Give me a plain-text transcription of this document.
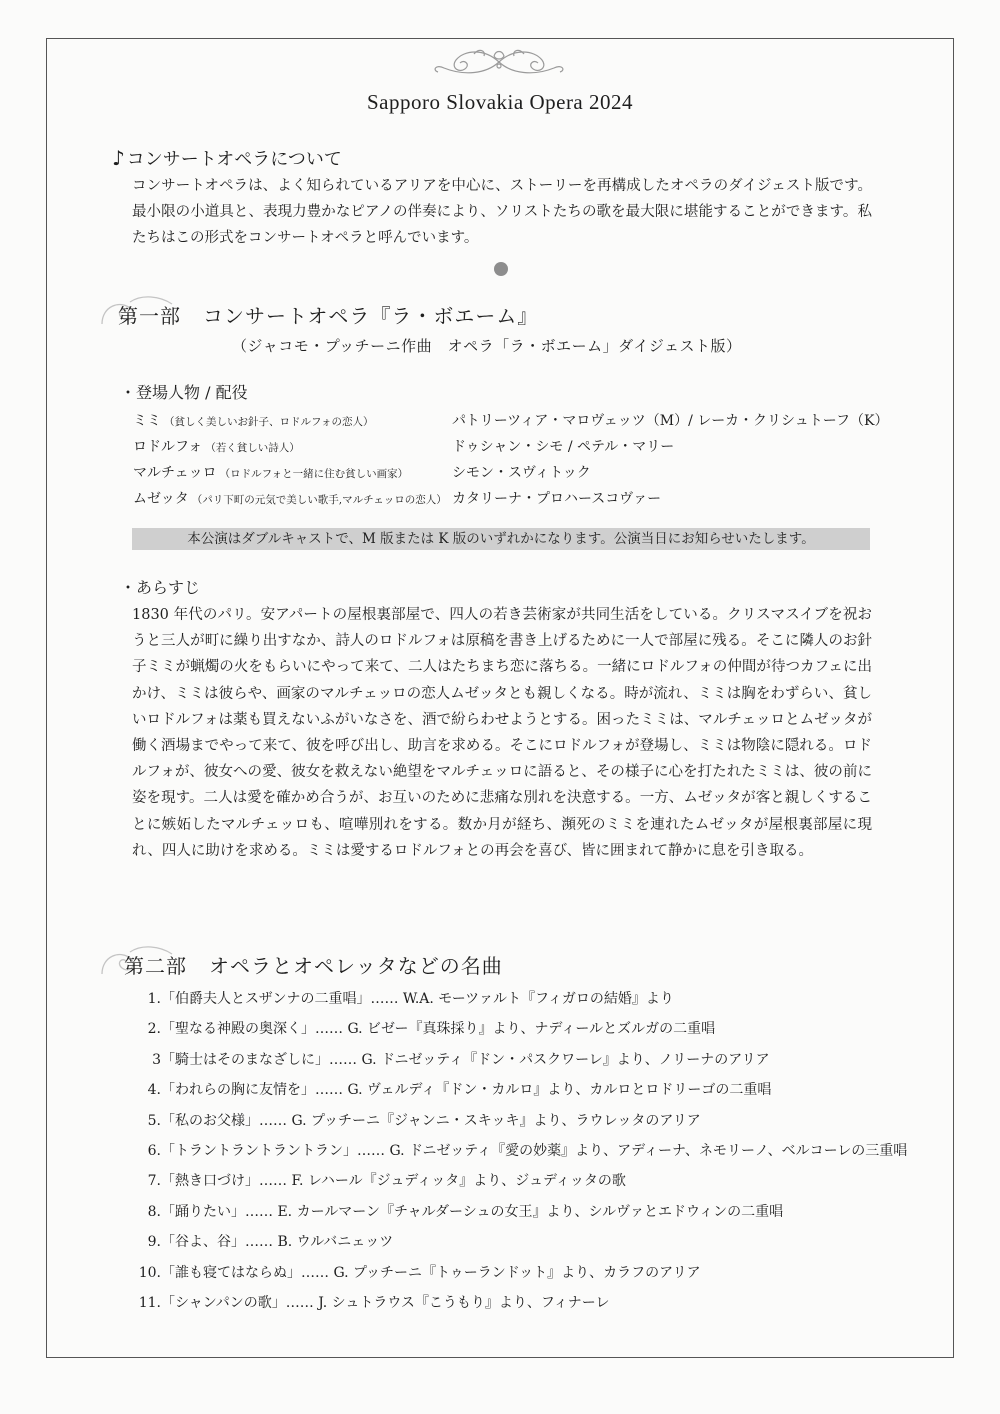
Sapporo Slovakia Opera 2024
♪ コンサートオペラについて
コンサートオペラは、よく知られているアリアを中心に、ストーリーを再構成したオペラのダイジェスト版です。最小限の小道具と、表現力豊かなピアノの伴奏により、ソリストたちの歌を最大限に堪能することができます。私たちはこの形式をコンサートオペラと呼んでいます。
第一部 コンサートオペラ『ラ・ボエーム』
（ジャコモ・プッチーニ作曲　オペラ「ラ・ボエーム」ダイジェスト版）
・登場人物 / 配役
ミミ （貧しく美しいお針子、ロドルフォの恋人）	パトリーツィア・マロヴェッツ（M）/ レーカ・クリシュトーフ（K）
ロドルフォ （若く貧しい詩人）	ドゥシャン・シモ / ペテル・マリー
マルチェッロ （ロドルフォと一緒に住む貧しい画家）	シモン・スヴィトック
ムゼッタ （パリ下町の元気で美しい歌手,マルチェッロの恋人） カタリーナ・プロハースコヴァー
本公演はダブルキャストで、M 版または K 版のいずれかになります。公演当日にお知らせいたします。
・あらすじ
1830 年代のパリ。安アパートの屋根裏部屋で、四人の若き芸術家が共同生活をしている。クリスマスイブを祝おうと三人が町に繰り出すなか、詩人のロドルフォは原稿を書き上げるために一人で部屋に残る。そこに隣人のお針子ミミが蝋燭の火をもらいにやって来て、二人はたちまち恋に落ちる。一緒にロドルフォの仲間が待つカフェに出かけ、ミミは彼らや、画家のマルチェッロの恋人ムゼッタとも親しくなる。時が流れ、ミミは胸をわずらい、貧しいロドルフォは薬も買えないふがいなさを、酒で紛らわせようとする。困ったミミは、マルチェッロとムゼッタが働く酒場までやって来て、彼を呼び出し、助言を求める。そこにロドルフォが登場し、ミミは物陰に隠れる。ロドルフォが、彼女への愛、彼女を救えない絶望をマルチェッロに語ると、その様子に心を打たれたミミは、彼の前に姿を現す。二人は愛を確かめ合うが、お互いのために悲痛な別れを決意する。一方、ムゼッタが客と親しくすることに嫉妬したマルチェッロも、喧嘩別れをする。数か月が経ち、瀕死のミミを連れたムゼッタが屋根裏部屋に現れ、四人に助けを求める。ミミは愛するロドルフォとの再会を喜び、皆に囲まれて静かに息を引き取る。
第二部 オペラとオペレッタなどの名曲
1.「伯爵夫人とスザンナの二重唱」…… W.A. モーツァルト『フィガロの結婚』より
2.「聖なる神殿の奥深く」…… G. ビゼー『真珠採り』より、ナディールとズルガの二重唱
3「騎士はそのまなざしに」…… G. ドニゼッティ『ドン・パスクワーレ』より、ノリーナのアリア
4.「われらの胸に友情を」…… G. ヴェルディ『ドン・カルロ』より、カルロとロドリーゴの二重唱
5.「私のお父様」…… G. プッチーニ『ジャンニ・スキッキ』より、ラウレッタのアリア
6.「トラントラントラントラン」…… G. ドニゼッティ『愛の妙薬』より、アディーナ、ネモリーノ、ベルコーレの三重唱
7.「熱き口づけ」…… F. レハール『ジュディッタ』より、ジュディッタの歌
8.「踊りたい」…… E. カールマーン『チャルダーシュの女王』より、シルヴァとエドウィンの二重唱
9.「谷よ、谷」…… B. ウルバニェッツ
10.「誰も寝てはならぬ」…… G. プッチーニ『トゥーランドット』より、カラフのアリア
11.「シャンパンの歌」…… J. シュトラウス『こうもり』より、フィナーレ
